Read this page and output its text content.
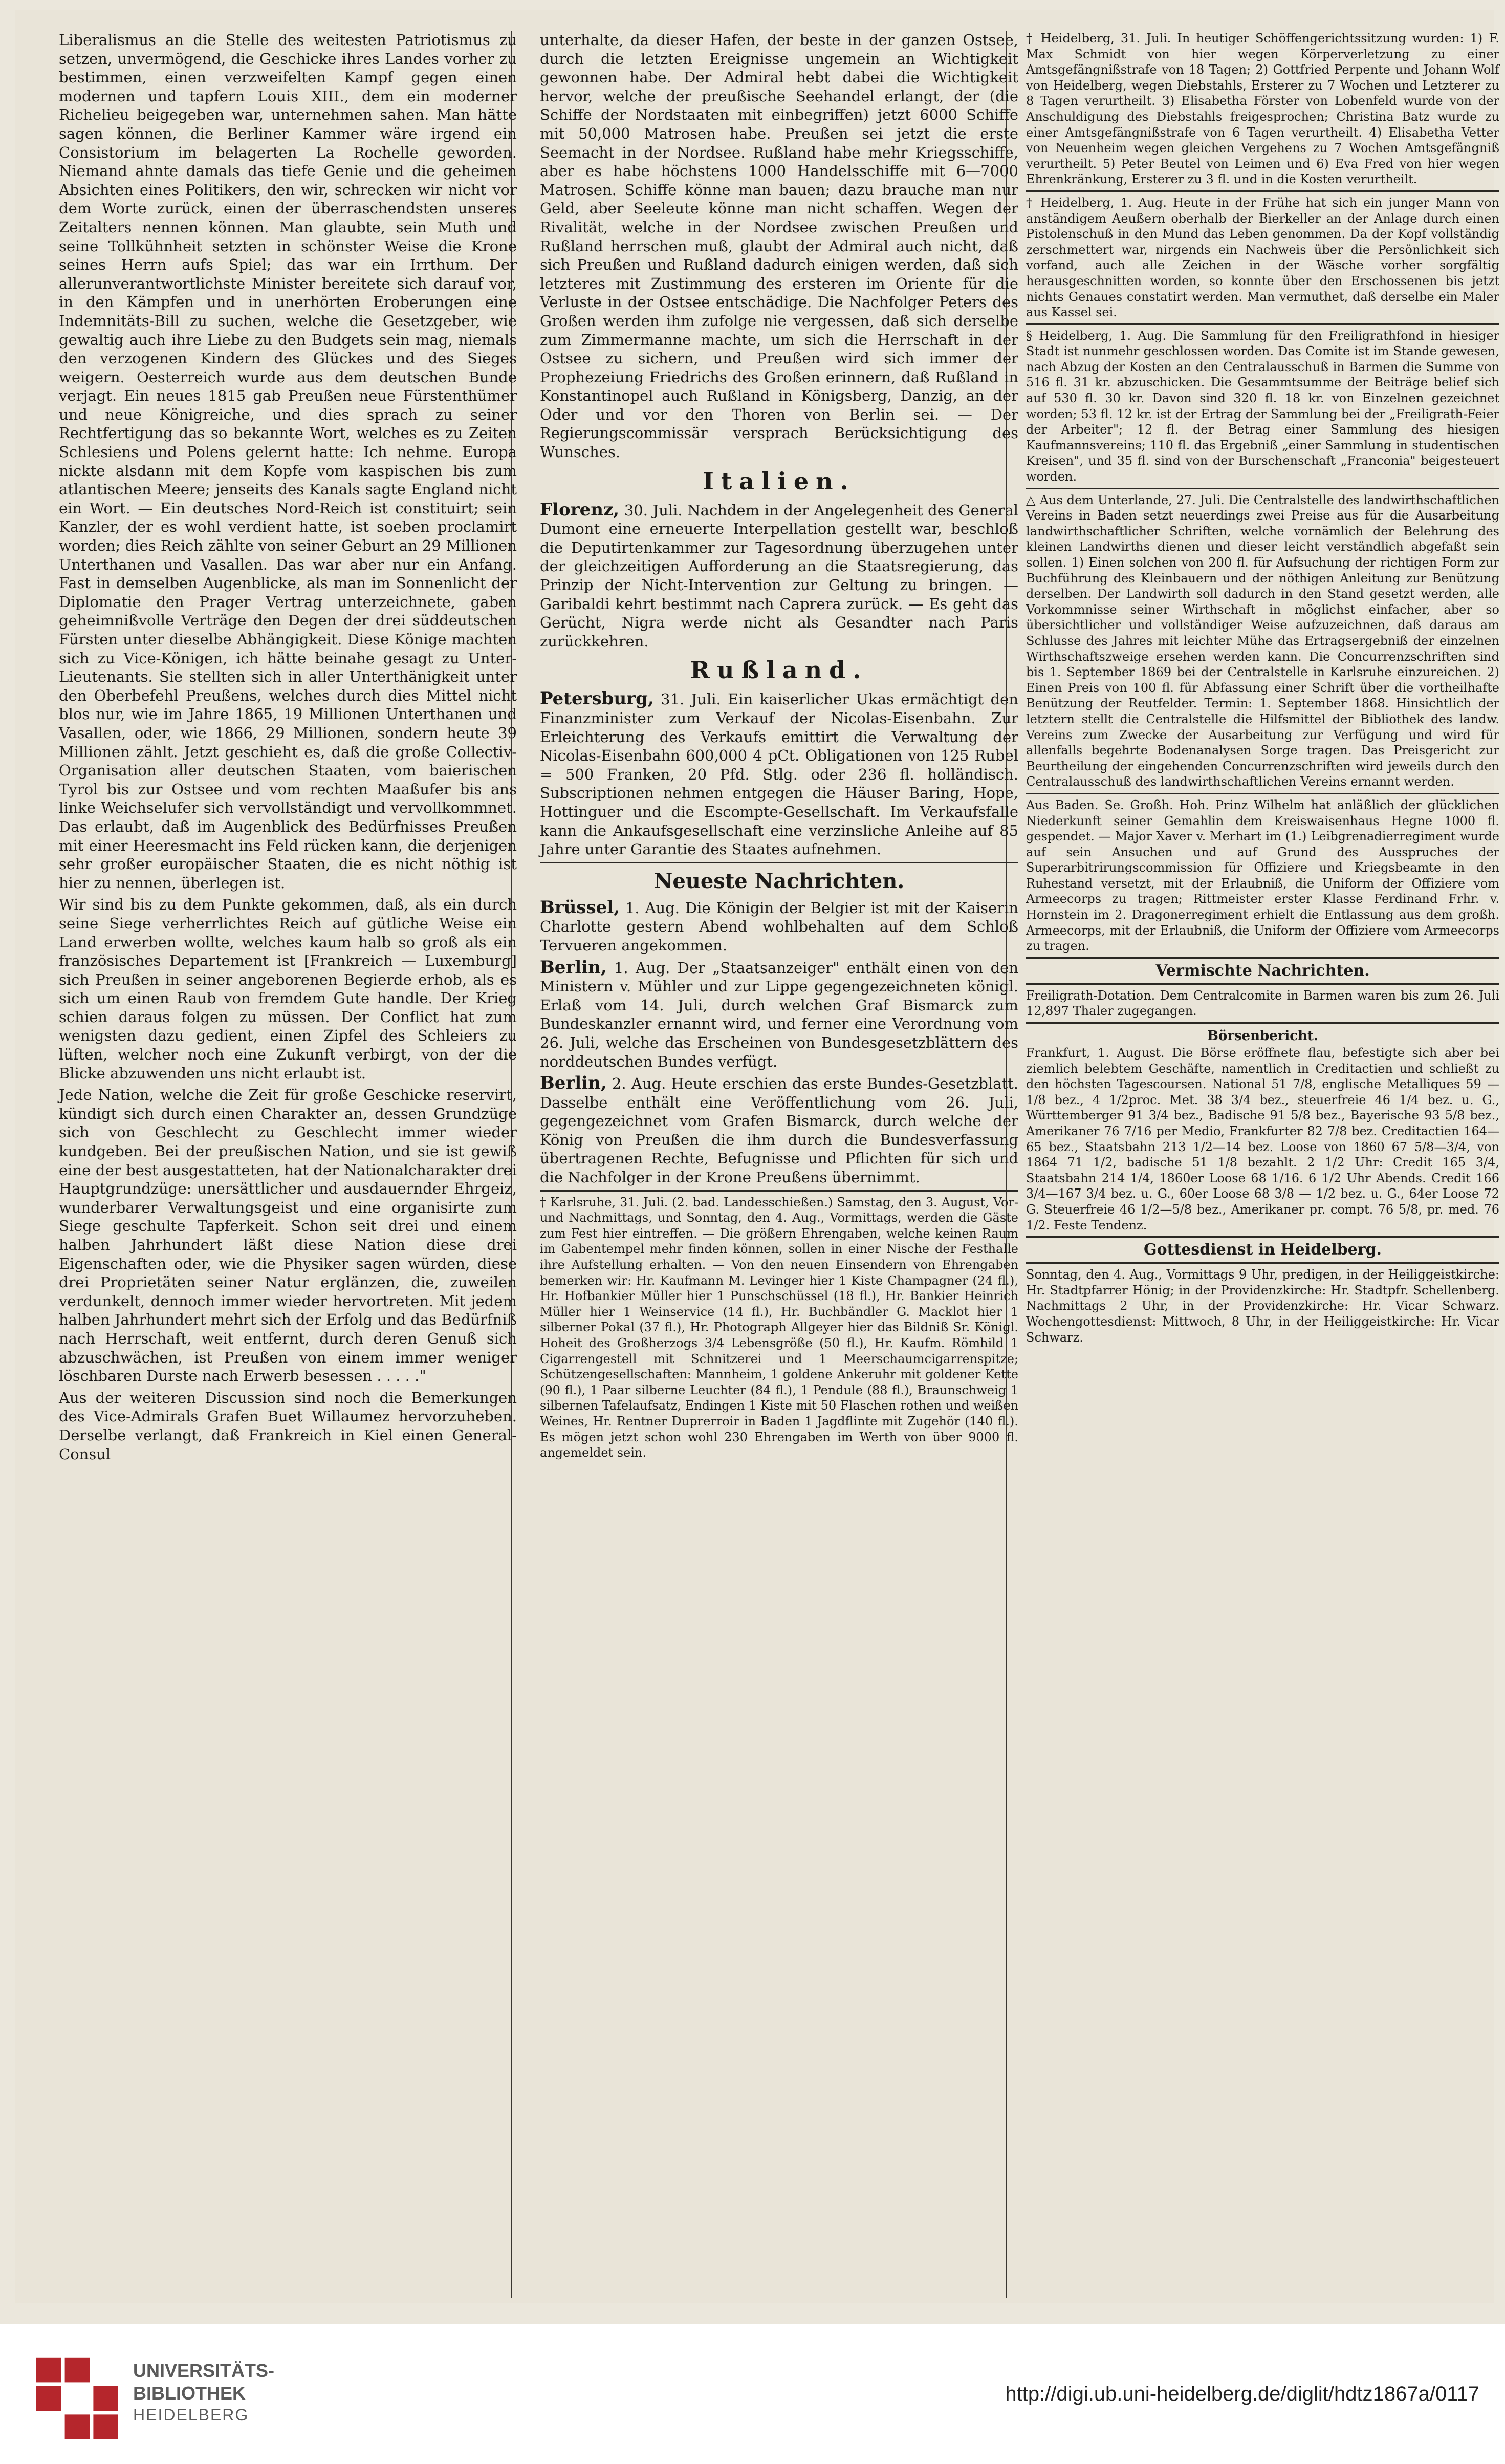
Liberalismus an die Stelle des weitesten Patriotismus zu setzen, unvermögend, die Geschicke ihres Landes vorher zu bestimmen, einen verzweifelten Kampf gegen einen modernen und tapfern Louis XIII., dem ein moderner Richelieu beigegeben war, unternehmen sahen. Man hätte sagen können, die Berliner Kammer wäre irgend ein Consistorium im belagerten La Rochelle geworden. Niemand ahnte damals das tiefe Genie und die geheimen Absichten eines Politikers, den wir, schrecken wir nicht vor dem Worte zurück, einen der überraschendsten unseres Zeitalters nennen können. Man glaubte, sein Muth und seine Tollkühnheit setzten in schönster Weise die Krone seines Herrn aufs Spiel; das war ein Irrthum. Der allerunverantwortlichste Minister bereitete sich darauf vor, in den Kämpfen und in unerhörten Eroberungen eine Indemnitäts-Bill zu suchen, welche die Gesetzgeber, wie gewaltig auch ihre Liebe zu den Budgets sein mag, niemals den verzogenen Kindern des Glückes und des Sieges weigern. Oesterreich wurde aus dem deutschen Bunde verjagt. Ein neues 1815 gab Preußen neue Fürstenthümer und neue Königreiche, und dies sprach zu seiner Rechtfertigung das so bekannte Wort, welches es zu Zeiten Schlesiens und Polens gelernt hatte: Ich nehme. Europa nickte alsdann mit dem Kopfe vom kaspischen bis zum atlantischen Meere; jenseits des Kanals sagte England nicht ein Wort. — Ein deutsches Nord-Reich ist constituirt; sein Kanzler, der es wohl verdient hatte, ist soeben proclamirt worden; dies Reich zählte von seiner Geburt an 29 Millionen Unterthanen und Vasallen. Das war aber nur ein Anfang. Fast in demselben Augenblicke, als man im Sonnenlicht der Diplomatie den Prager Vertrag unterzeichnete, gaben geheimnißvolle Verträge den Degen der drei süddeutschen Fürsten unter dieselbe Abhängigkeit. Diese Könige machten sich zu Vice-Königen, ich hätte beinahe gesagt zu Unter-Lieutenants. Sie stellten sich in aller Unterthänigkeit unter den Oberbefehl Preußens, welches durch dies Mittel nicht blos nur, wie im Jahre 1865, 19 Millionen Unterthanen und Vasallen, oder, wie 1866, 29 Millionen, sondern heute 39 Millionen zählt. Jetzt geschieht es, daß die große Collectiv-Organisation aller deutschen Staaten, vom baierischen Tyrol bis zur Ostsee und vom rechten Maaßufer bis ans linke Weichselufer sich vervollständigt und vervollkommnet. Das erlaubt, daß im Augenblick des Bedürfnisses Preußen mit einer Heeresmacht ins Feld rücken kann, die derjenigen sehr großer europäischer Staaten, die es nicht nöthig ist hier zu nennen, überlegen ist.

Wir sind bis zu dem Punkte gekommen, daß, als ein durch seine Siege verherrlichtes Reich auf gütliche Weise ein Land erwerben wollte, welches kaum halb so groß als ein französisches Departement ist [Frankreich — Luxemburg] sich Preußen in seiner angeborenen Begierde erhob, als es sich um einen Raub von fremdem Gute handle. Der Krieg schien daraus folgen zu müssen. Der Conflict hat zum wenigsten dazu gedient, einen Zipfel des Schleiers zu lüften, welcher noch eine Zukunft verbirgt, von der die Blicke abzuwenden uns nicht erlaubt ist.

Jede Nation, welche die Zeit für große Geschicke reservirt, kündigt sich durch einen Charakter an, dessen Grundzüge sich von Geschlecht zu Geschlecht immer wieder kundgeben. Bei der preußischen Nation, und sie ist gewiß eine der best ausgestatteten, hat der Nationalcharakter drei Hauptgrundzüge: unersättlicher und ausdauernder Ehrgeiz, wunderbarer Verwaltungsgeist und eine organisirte zum Siege geschulte Tapferkeit. Schon seit drei und einem halben Jahrhundert läßt diese Nation diese drei Eigenschaften oder, wie die Physiker sagen würden, diese drei Proprietäten seiner Natur erglänzen, die, zuweilen verdunkelt, dennoch immer wieder hervortreten. Mit jedem halben Jahrhundert mehrt sich der Erfolg und das Bedürfniß nach Herrschaft, weit entfernt, durch deren Genuß sich abzuschwächen, ist Preußen von einem immer weniger löschbaren Durste nach Erwerb besessen . . . . ."

Aus der weiteren Discussion sind noch die Bemerkungen des Vice-Admirals Grafen Buet Willaumez hervorzuheben. Derselbe verlangt, daß Frankreich in Kiel einen General-Consul

unterhalte, da dieser Hafen, der beste in der ganzen Ostsee, durch die letzten Ereignisse ungemein an Wichtigkeit gewonnen habe. Der Admiral hebt dabei die Wichtigkeit hervor, welche der preußische Seehandel erlangt, der (die Schiffe der Nordstaaten mit einbegriffen) jetzt 6000 Schiffe mit 50,000 Matrosen habe. Preußen sei jetzt die erste Seemacht in der Nordsee. Rußland habe mehr Kriegsschiffe, aber es habe höchstens 1000 Handelsschiffe mit 6—7000 Matrosen. Schiffe könne man bauen; dazu brauche man nur Geld, aber Seeleute könne man nicht schaffen. Wegen der Rivalität, welche in der Nordsee zwischen Preußen und Rußland herrschen muß, glaubt der Admiral auch nicht, daß sich Preußen und Rußland dadurch einigen werden, daß sich letzteres mit Zustimmung des ersteren im Oriente für die Verluste in der Ostsee entschädige. Die Nachfolger Peters des Großen werden ihm zufolge nie vergessen, daß sich derselbe zum Zimmermanne machte, um sich die Herrschaft in der Ostsee zu sichern, und Preußen wird sich immer der Prophezeiung Friedrichs des Großen erinnern, daß Rußland in Konstantinopel auch Rußland in Königsberg, Danzig, an der Oder und vor den Thoren von Berlin sei. — Der Regierungscommissär versprach Berücksichtigung des Wunsches.

Italien.

Florenz, 30. Juli. Nachdem in der Angelegenheit des General Dumont eine erneuerte Interpellation gestellt war, beschloß die Deputirtenkammer zur Tagesordnung überzugehen unter der gleichzeitigen Aufforderung an die Staatsregierung, das Prinzip der Nicht-Intervention zur Geltung zu bringen. — Garibaldi kehrt bestimmt nach Caprera zurück. — Es geht das Gerücht, Nigra werde nicht als Gesandter nach Paris zurückkehren.

Rußland.

Petersburg, 31. Juli. Ein kaiserlicher Ukas ermächtigt den Finanzminister zum Verkauf der Nicolas-Eisenbahn. Zur Erleichterung des Verkaufs emittirt die Verwaltung der Nicolas-Eisenbahn 600,000 4 pCt. Obligationen von 125 Rubel = 500 Franken, 20 Pfd. Stlg. oder 236 fl. holländisch. Subscriptionen nehmen entgegen die Häuser Baring, Hope, Hottinguer und die Escompte-Gesellschaft. Im Verkaufsfalle kann die Ankaufsgesellschaft eine verzinsliche Anleihe auf 85 Jahre unter Garantie des Staates aufnehmen.

Neueste Nachrichten.

Brüssel, 1. Aug. Die Königin der Belgier ist mit der Kaiserin Charlotte gestern Abend wohlbehalten auf dem Schloß Tervueren angekommen.

Berlin, 1. Aug. Der „Staatsanzeiger" enthält einen von den Ministern v. Mühler und zur Lippe gegengezeichneten königl. Erlaß vom 14. Juli, durch welchen Graf Bismarck zum Bundeskanzler ernannt wird, und ferner eine Verordnung vom 26. Juli, welche das Erscheinen von Bundesgesetzblättern des norddeutschen Bundes verfügt.

Berlin, 2. Aug. Heute erschien das erste Bundes-Gesetzblatt. Dasselbe enthält eine Veröffentlichung vom 26. Juli, gegengezeichnet vom Grafen Bismarck, durch welche der König von Preußen die ihm durch die Bundesverfassung übertragenen Rechte, Befugnisse und Pflichten für sich und die Nachfolger in der Krone Preußens übernimmt.

† Karlsruhe, 31. Juli. (2. bad. Landesschießen.) Samstag, den 3. August, Vor- und Nachmittags, und Sonntag, den 4. Aug., Vormittags, werden die Gäste zum Fest hier eintreffen. — Die größern Ehrengaben, welche keinen Raum im Gabentempel mehr finden können, sollen in einer Nische der Festhalle ihre Aufstellung erhalten. — Von den neuen Einsendern von Ehrengaben bemerken wir: Hr. Kaufmann M. Levinger hier 1 Kiste Champagner (24 fl.), Hr. Hofbankier Müller hier 1 Punschschüssel (18 fl.), Hr. Bankier Heinrich Müller hier 1 Weinservice (14 fl.), Hr. Buchbändler G. Macklot hier 1 silberner Pokal (37 fl.), Hr. Photograph Allgeyer hier das Bildniß Sr. Königl. Hoheit des Großherzogs 3/4 Lebensgröße (50 fl.), Hr. Kaufm. Römhild 1 Cigarrengestell mit Schnitzerei und 1 Meerschaumcigarrenspitze; Schützengesellschaften: Mannheim, 1 goldene Ankeruhr mit goldener Kette (90 fl.), 1 Paar silberne Leuchter (84 fl.), 1 Pendule (88 fl.), Braunschweig 1 silbernen Tafelaufsatz, Endingen 1 Kiste mit 50 Flaschen rothen und weißen Weines, Hr. Rentner Duprerroir in Baden 1 Jagdflinte mit Zugehör (140 fl.). Es mögen jetzt schon wohl 230 Ehrengaben im Werth von über 9000 fl. angemeldet sein.

† Heidelberg, 31. Juli. In heutiger Schöffengerichtssitzung wurden: 1) F. Max Schmidt von hier wegen Körperverletzung zu einer Amtsgefängnißstrafe von 18 Tagen; 2) Gottfried Perpente und Johann Wolf von Heidelberg, wegen Diebstahls, Ersterer zu 7 Wochen und Letzterer zu 8 Tagen verurtheilt. 3) Elisabetha Förster von Lobenfeld wurde von der Anschuldigung des Diebstahls freigesprochen; Christina Batz wurde zu einer Amtsgefängnißstrafe von 6 Tagen verurtheilt. 4) Elisabetha Vetter von Neuenheim wegen gleichen Vergehens zu 7 Wochen Amtsgefängniß verurtheilt. 5) Peter Beutel von Leimen und 6) Eva Fred von hier wegen Ehrenkränkung, Ersterer zu 3 fl. und in die Kosten verurtheilt.

† Heidelberg, 1. Aug. Heute in der Frühe hat sich ein junger Mann von anständigem Aeußern oberhalb der Bierkeller an der Anlage durch einen Pistolenschuß in den Mund das Leben genommen. Da der Kopf vollständig zerschmettert war, nirgends ein Nachweis über die Persönlichkeit sich vorfand, auch alle Zeichen in der Wäsche vorher sorgfältig herausgeschnitten worden, so konnte über den Erschossenen bis jetzt nichts Genaues constatirt werden. Man vermuthet, daß derselbe ein Maler aus Kassel sei.

§ Heidelberg, 1. Aug. Die Sammlung für den Freiligrathfond in hiesiger Stadt ist nunmehr geschlossen worden. Das Comite ist im Stande gewesen, nach Abzug der Kosten an den Centralausschuß in Barmen die Summe von 516 fl. 31 kr. abzuschicken. Die Gesammtsumme der Beiträge belief sich auf 530 fl. 30 kr. Davon sind 320 fl. 18 kr. von Einzelnen gezeichnet worden; 53 fl. 12 kr. ist der Ertrag der Sammlung bei der „Freiligrath-Feier der Arbeiter"; 12 fl. der Betrag einer Sammlung des hiesigen Kaufmannsvereins; 110 fl. das Ergebniß „einer Sammlung in studentischen Kreisen", und 35 fl. sind von der Burschenschaft „Franconia" beigesteuert worden.

△ Aus dem Unterlande, 27. Juli. Die Centralstelle des landwirthschaftlichen Vereins in Baden setzt neuerdings zwei Preise aus für die Ausarbeitung landwirthschaftlicher Schriften, welche vornämlich der Belehrung des kleinen Landwirths dienen und dieser leicht verständlich abgefaßt sein sollen. 1) Einen solchen von 200 fl. für Aufsuchung der richtigen Form zur Buchführung des Kleinbauern und der nöthigen Anleitung zur Benützung derselben. Der Landwirth soll dadurch in den Stand gesetzt werden, alle Vorkommnisse seiner Wirthschaft in möglichst einfacher, aber so übersichtlicher und vollständiger Weise aufzuzeichnen, daß daraus am Schlusse des Jahres mit leichter Mühe das Ertragsergebniß der einzelnen Wirthschaftszweige ersehen werden kann. Die Concurrenzschriften sind bis 1. September 1869 bei der Centralstelle in Karlsruhe einzureichen. 2) Einen Preis von 100 fl. für Abfassung einer Schrift über die vortheilhafte Benützung der Reutfelder. Termin: 1. September 1868. Hinsichtlich der letztern stellt die Centralstelle die Hilfsmittel der Bibliothek des landw. Vereins zum Zwecke der Ausarbeitung zur Verfügung und wird für allenfalls begehrte Bodenanalysen Sorge tragen. Das Preisgericht zur Beurtheilung der eingehenden Concurrenzschriften wird jeweils durch den Centralausschuß des landwirthschaftlichen Vereins ernannt werden.

Aus Baden. Se. Großh. Hoh. Prinz Wilhelm hat anläßlich der glücklichen Niederkunft seiner Gemahlin dem Kreiswaisenhaus Hegne 1000 fl. gespendet. — Major Xaver v. Merhart im (1.) Leibgrenadierregiment wurde auf sein Ansuchen und auf Grund des Ausspruches der Superarbitrirungscommission für Offiziere und Kriegsbeamte in den Ruhestand versetzt, mit der Erlaubniß, die Uniform der Offiziere vom Armeecorps zu tragen; Rittmeister erster Klasse Ferdinand Frhr. v. Hornstein im 2. Dragonerregiment erhielt die Entlassung aus dem großh. Armeecorps, mit der Erlaubniß, die Uniform der Offiziere vom Armeecorps zu tragen.

Vermischte Nachrichten.

Freiligrath-Dotation. Dem Centralcomite in Barmen waren bis zum 26. Juli 12,897 Thaler zugegangen.

Börsenbericht.

Frankfurt, 1. August. Die Börse eröffnete flau, befestigte sich aber bei ziemlich belebtem Geschäfte, namentlich in Creditactien und schließt zu den höchsten Tagescoursen. National 51 7/8, englische Metalliques 59 — 1/8 bez., 4 1/2proc. Met. 38 3/4 bez., steuerfreie 46 1/4 bez. u. G., Württemberger 91 3/4 bez., Badische 91 5/8 bez., Bayerische 93 5/8 bez., Amerikaner 76 7/16 per Medio, Frankfurter 82 7/8 bez. Creditactien 164—65 bez., Staatsbahn 213 1/2—14 bez. Loose von 1860 67 5/8—3/4, von 1864 71 1/2, badische 51 1/8 bezahlt. 2 1/2 Uhr: Credit 165 3/4, Staatsbahn 214 1/4, 1860er Loose 68 1/16. 6 1/2 Uhr Abends. Credit 166 3/4—167 3/4 bez. u. G., 60er Loose 68 3/8 — 1/2 bez. u. G., 64er Loose 72 G. Steuerfreie 46 1/2—5/8 bez., Amerikaner pr. compt. 76 5/8, pr. med. 76 1/2. Feste Tendenz.

Gottesdienst in Heidelberg.

Sonntag, den 4. Aug., Vormittags 9 Uhr, predigen, in der Heiliggeistkirche: Hr. Stadtpfarrer Hönig; in der Providenzkirche: Hr. Stadtpfr. Schellenberg. Nachmittags 2 Uhr, in der Providenzkirche: Hr. Vicar Schwarz. Wochengottesdienst: Mittwoch, 8 Uhr, in der Heiliggeistkirche: Hr. Vicar Schwarz.

UNIVERSITÄTS-
BIBLIOTHEK
HEIDELBERG
http://digi.ub.uni-heidelberg.de/diglit/hdtz1867a/0117
